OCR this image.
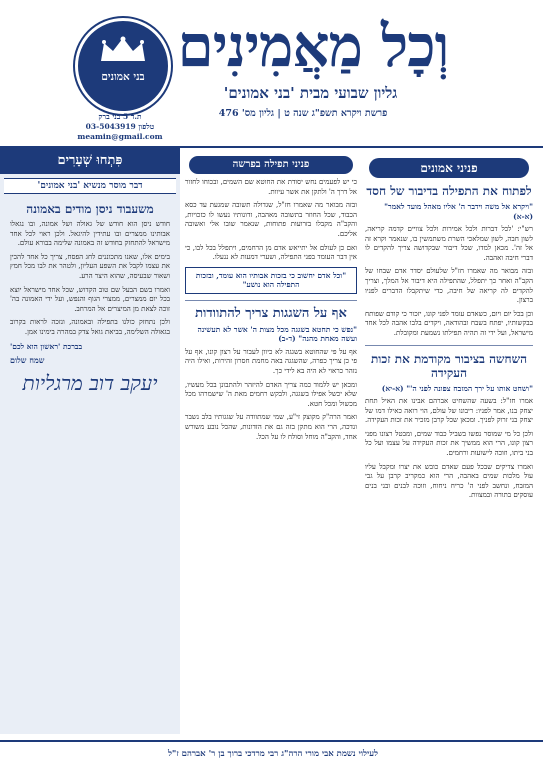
וְכָל מַאֲמִינִים
גליון שבועי מבית 'בני אמונים'
פרשת ויקרא תשפ"ג שנה ט | גליון מס' 476
בני אמונים
ת.ד 5 בני ברק
טלפון 03-5043919
meamin@gmail.com
פניני אמונים
לפתוח את התפילה בדיבור של חסד
"ויקרא אל משה וידבר ה' אליו מאהל מועד לאמר" (א-א)

רש"י: 'לכל דברות ולכל אמירות ולכל צוויים קדמה קריאה, לשון חבה, לשון שמלאכי השרת משתמשין בו, שנאמר וקרא זה אל זה'. מכאן למדו, שכל דיבור שבקדושה צריך להקדים לו דברי חיבה ואהבה.

ובזה מבואר מה שאמרו חז"ל שלעולם יסדר אדם שבחו של הקב"ה ואחר כך יתפלל, שהתפילה היא דיבור אל המלך, וצריך להקדים לה קריאה של חיבה, כדי שיתקבלו הדברים לפניו ברצון.

וכן בכל יום ויום, כשאדם עומד לפני קונו, יזכור כי קודם שפותח בבקשותיו, יפתח בשבח ובהודאה, ויקדים בלבו אהבה לכל אחד מישראל, ועל ידי זה תהיה תפילתו נשמעת ומקובלת.

השחשה בציבור מקודמת את זכות העקידה
"ושחט אותו על ירך המזבח צפונה לפני ה'" (א-יא)

אמרו חז"ל: בשעה שהשחיט אברהם אבינו את האיל תחת יצחק בנו, אמר לפניו: ריבונו של עולם, הוי רואה כאילו דמו של יצחק בני זרוק לפניך. ומכאן שכל קרבן מזכיר את זכות העקידה.

ולכן כל מי שמוסר נפשו בשביל כבוד שמים, ומבטל רצונו מפני רצון קונו, הרי הוא ממשיך את זכות העקידה על עצמו ועל כל בני ביתו, וזוכה לישועות ורחמים.

ואמרו צדיקים שבכל פעם שאדם כובש את יצרו ומקבל עליו עול מלכות שמים באהבה, הרי הוא כמקריב קרבן על גבי המזבח, ונחשב לפני ה' כריח ניחוח, וזוכה לבנים ובני בנים עוסקים בתורה ובמצוות.

פניני תפילה בפרשה

כי יש לפעמים נחש יסודת את החוטא שם השמים, ובכוחו לחזור אל דרך ה' ולתקן את אשר עיוות.

ובזה מבואר מה שאמרו חז"ל, שגדולה תשובה שמגעת עד כסא הכבוד, שכל החוזר בתשובה מאהבה, זדונותיו נעשו לו כזכויות, והקב"ה מקבלו בזרועות פתוחות, שנאמר שובו אלי ואשובה אליכם.

ואם כן לעולם אל יתייאש אדם מן הרחמים, ויתפלל בכל לבו, כי אין דבר העומד בפני התפילה, ושערי דמעות לא ננעלו.

"וכל אדם יחשוב כי בזכות אבותיו הוא עומד, ובזכות התפילה הוא נושע"
אף על השגגות צריך להתוודות
"נפש כי תחטא בשגגה מכל מצות ה' אשר לא תעשינה ועשה מאחת מהנה" (ד-ב)

אף על פי שהחוטא בשגגה לא כיוון לעבור על רצון קונו, אף על פי כן צריך כפרה, שהשגגה באה מחמת חסרון זהירות, ואילו היה נזהר כראוי לא היה בא לידי כך.

ומכאן יש ללמוד כמה צריך האדם להיזהר ולהתבונן בכל מעשיו, שלא יכשל אפילו בשגגה, ולבקש רחמים מאת ה' שישמרהו מכל מכשול ומכל חטא.

ואמר הרה"ק מקוצק זי"ע, שמי שמתוודה על שגגותיו בלב נשבר ונדכה, הרי הוא מתקן בזה גם את הזדונות, שהכל נובע משורש אחד, והקב"ה מוחל וסולח לו על הכל.

פִּתְחוּ שְׁעָרִים
דבר מוסר מנשיא 'בני אמונים'
משעבוד ניסן מודים באמונה

חודש ניסן הוא חודש של גאולה ושל אמונה, ובו נגאלו אבותינו ממצרים ובו עתידין להיגאל. ולכן ראוי לכל אחד מישראל להתחזק בחודש זה באמונה שלימה בבורא עולם.

בימים אלו, שאנו מתכוננים לחג הפסח, צריך כל אחד להכין את עצמו לקבל את השפע העליון, ולטהר את לבו מכל חמץ ושאור שבעיסה, שהוא היצר הרע.

ואמרו בשם הבעל שם טוב הקדוש, שכל אחד מישראל יוצא בכל יום ממצרים, ממצרי הגוף והנפש, ועל ידי האמונה בה' זוכה לצאת מן המיצרים אל המרחב.

ולכן נתחזק כולנו בתפילה ובאמונה, ונזכה לראות בקרוב בגאולה השלימה, בביאת גואל צדק במהרה בימינו אמן.

בברכת 'ראשון הוא לכם'
שמח שלום
יעקב דוב מרגליות
לעילוי נשמת אבי מורי הרה"ג רבי מרדכי ברוך בן ר' אברהם ז"ל
